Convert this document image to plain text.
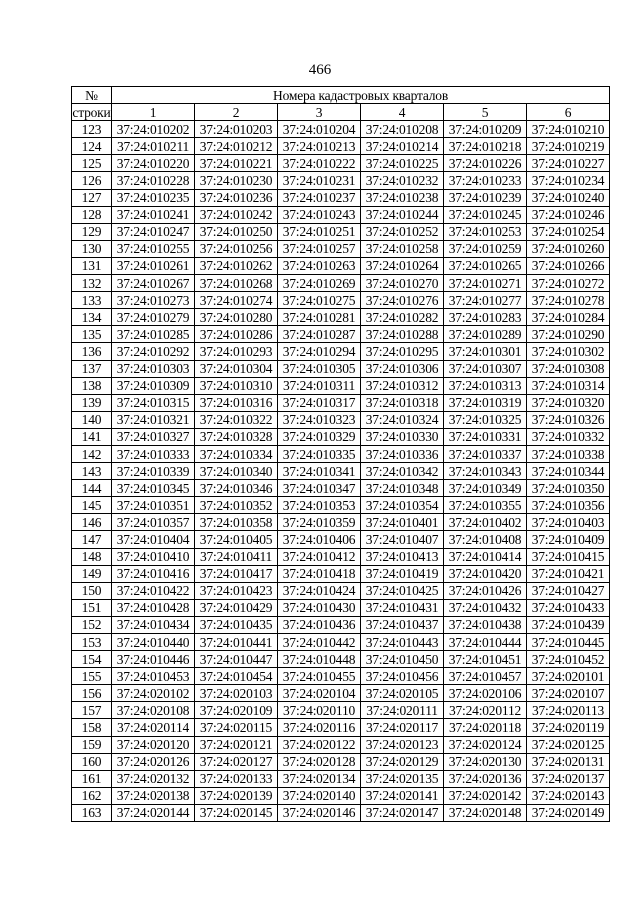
466
№	Номера кадастровых кварталов					
строки	1	2	3	4	5	6
123	37:24:010202	37:24:010203	37:24:010204	37:24:010208	37:24:010209	37:24:010210
124	37:24:010211	37:24:010212	37:24:010213	37:24:010214	37:24:010218	37:24:010219
125	37:24:010220	37:24:010221	37:24:010222	37:24:010225	37:24:010226	37:24:010227
126	37:24:010228	37:24:010230	37:24:010231	37:24:010232	37:24:010233	37:24:010234
127	37:24:010235	37:24:010236	37:24:010237	37:24:010238	37:24:010239	37:24:010240
128	37:24:010241	37:24:010242	37:24:010243	37:24:010244	37:24:010245	37:24:010246
129	37:24:010247	37:24:010250	37:24:010251	37:24:010252	37:24:010253	37:24:010254
130	37:24:010255	37:24:010256	37:24:010257	37:24:010258	37:24:010259	37:24:010260
131	37:24:010261	37:24:010262	37:24:010263	37:24:010264	37:24:010265	37:24:010266
132	37:24:010267	37:24:010268	37:24:010269	37:24:010270	37:24:010271	37:24:010272
133	37:24:010273	37:24:010274	37:24:010275	37:24:010276	37:24:010277	37:24:010278
134	37:24:010279	37:24:010280	37:24:010281	37:24:010282	37:24:010283	37:24:010284
135	37:24:010285	37:24:010286	37:24:010287	37:24:010288	37:24:010289	37:24:010290
136	37:24:010292	37:24:010293	37:24:010294	37:24:010295	37:24:010301	37:24:010302
137	37:24:010303	37:24:010304	37:24:010305	37:24:010306	37:24:010307	37:24:010308
138	37:24:010309	37:24:010310	37:24:010311	37:24:010312	37:24:010313	37:24:010314
139	37:24:010315	37:24:010316	37:24:010317	37:24:010318	37:24:010319	37:24:010320
140	37:24:010321	37:24:010322	37:24:010323	37:24:010324	37:24:010325	37:24:010326
141	37:24:010327	37:24:010328	37:24:010329	37:24:010330	37:24:010331	37:24:010332
142	37:24:010333	37:24:010334	37:24:010335	37:24:010336	37:24:010337	37:24:010338
143	37:24:010339	37:24:010340	37:24:010341	37:24:010342	37:24:010343	37:24:010344
144	37:24:010345	37:24:010346	37:24:010347	37:24:010348	37:24:010349	37:24:010350
145	37:24:010351	37:24:010352	37:24:010353	37:24:010354	37:24:010355	37:24:010356
146	37:24:010357	37:24:010358	37:24:010359	37:24:010401	37:24:010402	37:24:010403
147	37:24:010404	37:24:010405	37:24:010406	37:24:010407	37:24:010408	37:24:010409
148	37:24:010410	37:24:010411	37:24:010412	37:24:010413	37:24:010414	37:24:010415
149	37:24:010416	37:24:010417	37:24:010418	37:24:010419	37:24:010420	37:24:010421
150	37:24:010422	37:24:010423	37:24:010424	37:24:010425	37:24:010426	37:24:010427
151	37:24:010428	37:24:010429	37:24:010430	37:24:010431	37:24:010432	37:24:010433
152	37:24:010434	37:24:010435	37:24:010436	37:24:010437	37:24:010438	37:24:010439
153	37:24:010440	37:24:010441	37:24:010442	37:24:010443	37:24:010444	37:24:010445
154	37:24:010446	37:24:010447	37:24:010448	37:24:010450	37:24:010451	37:24:010452
155	37:24:010453	37:24:010454	37:24:010455	37:24:010456	37:24:010457	37:24:020101
156	37:24:020102	37:24:020103	37:24:020104	37:24:020105	37:24:020106	37:24:020107
157	37:24:020108	37:24:020109	37:24:020110	37:24:020111	37:24:020112	37:24:020113
158	37:24:020114	37:24:020115	37:24:020116	37:24:020117	37:24:020118	37:24:020119
159	37:24:020120	37:24:020121	37:24:020122	37:24:020123	37:24:020124	37:24:020125
160	37:24:020126	37:24:020127	37:24:020128	37:24:020129	37:24:020130	37:24:020131
161	37:24:020132	37:24:020133	37:24:020134	37:24:020135	37:24:020136	37:24:020137
162	37:24:020138	37:24:020139	37:24:020140	37:24:020141	37:24:020142	37:24:020143
163	37:24:020144	37:24:020145	37:24:020146	37:24:020147	37:24:020148	37:24:020149
